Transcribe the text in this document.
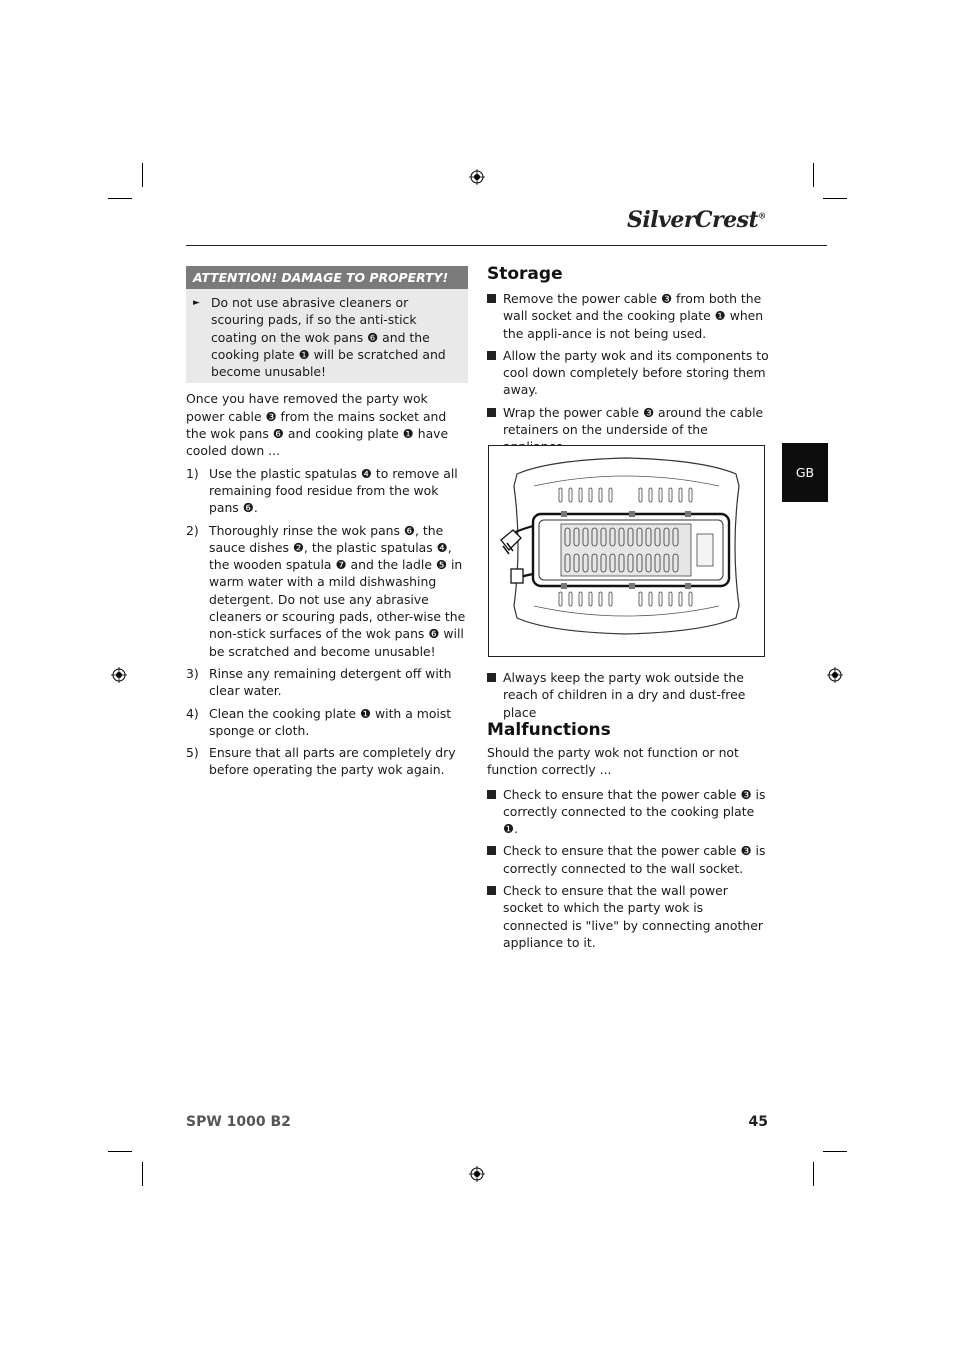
SilverCrest®
ATTENTION! DAMAGE TO PROPERTY!
► Do not use abrasive cleaners or scouring pads, if so the anti-stick coating on the wok pans ❻ and the cooking plate ❶ will be scratched and become unusable!

Once you have removed the party wok power cable ❸ from the mains socket and the wok pans ❻ and cooking plate ❶ have cooled down ...

1) Use the plastic spatulas ❹ to remove all remaining food residue from the wok pans ❻.
2) Thoroughly rinse the wok pans ❻, the sauce dishes ❷, the plastic spatulas ❹, the wooden spatula ❼ and the ladle ❺ in warm water with a mild dishwashing detergent. Do not use any abrasive cleaners or scouring pads, other-wise the non-stick surfaces of the wok pans ❻ will be scratched and become unusable!
3) Rinse any remaining detergent off with clear water.
4) Clean the cooking plate ❶ with a moist sponge or cloth.
5) Ensure that all parts are completely dry before operating the party wok again.
Storage
Remove the power cable ❸ from both the wall socket and the cooking plate ❶ when the appli-ance is not being used.
Allow the party wok and its components to cool down completely before storing them away.
Wrap the power cable ❸ around the cable retainers on the underside of the
Always keep the party wok outside the reach of children in a dry and dust-free place
Malfunctions

Should the party wok not function or not function correctly ...

Check to ensure that the power cable ❸ is correctly connected to the cooking plate ❶.
Check to ensure that the power cable ❸ is correctly connected to the wall socket.
Check to ensure that the wall power socket to which the party wok is connected is "live" by connecting another appliance to it.
GB
SPW 1000 B2	45
